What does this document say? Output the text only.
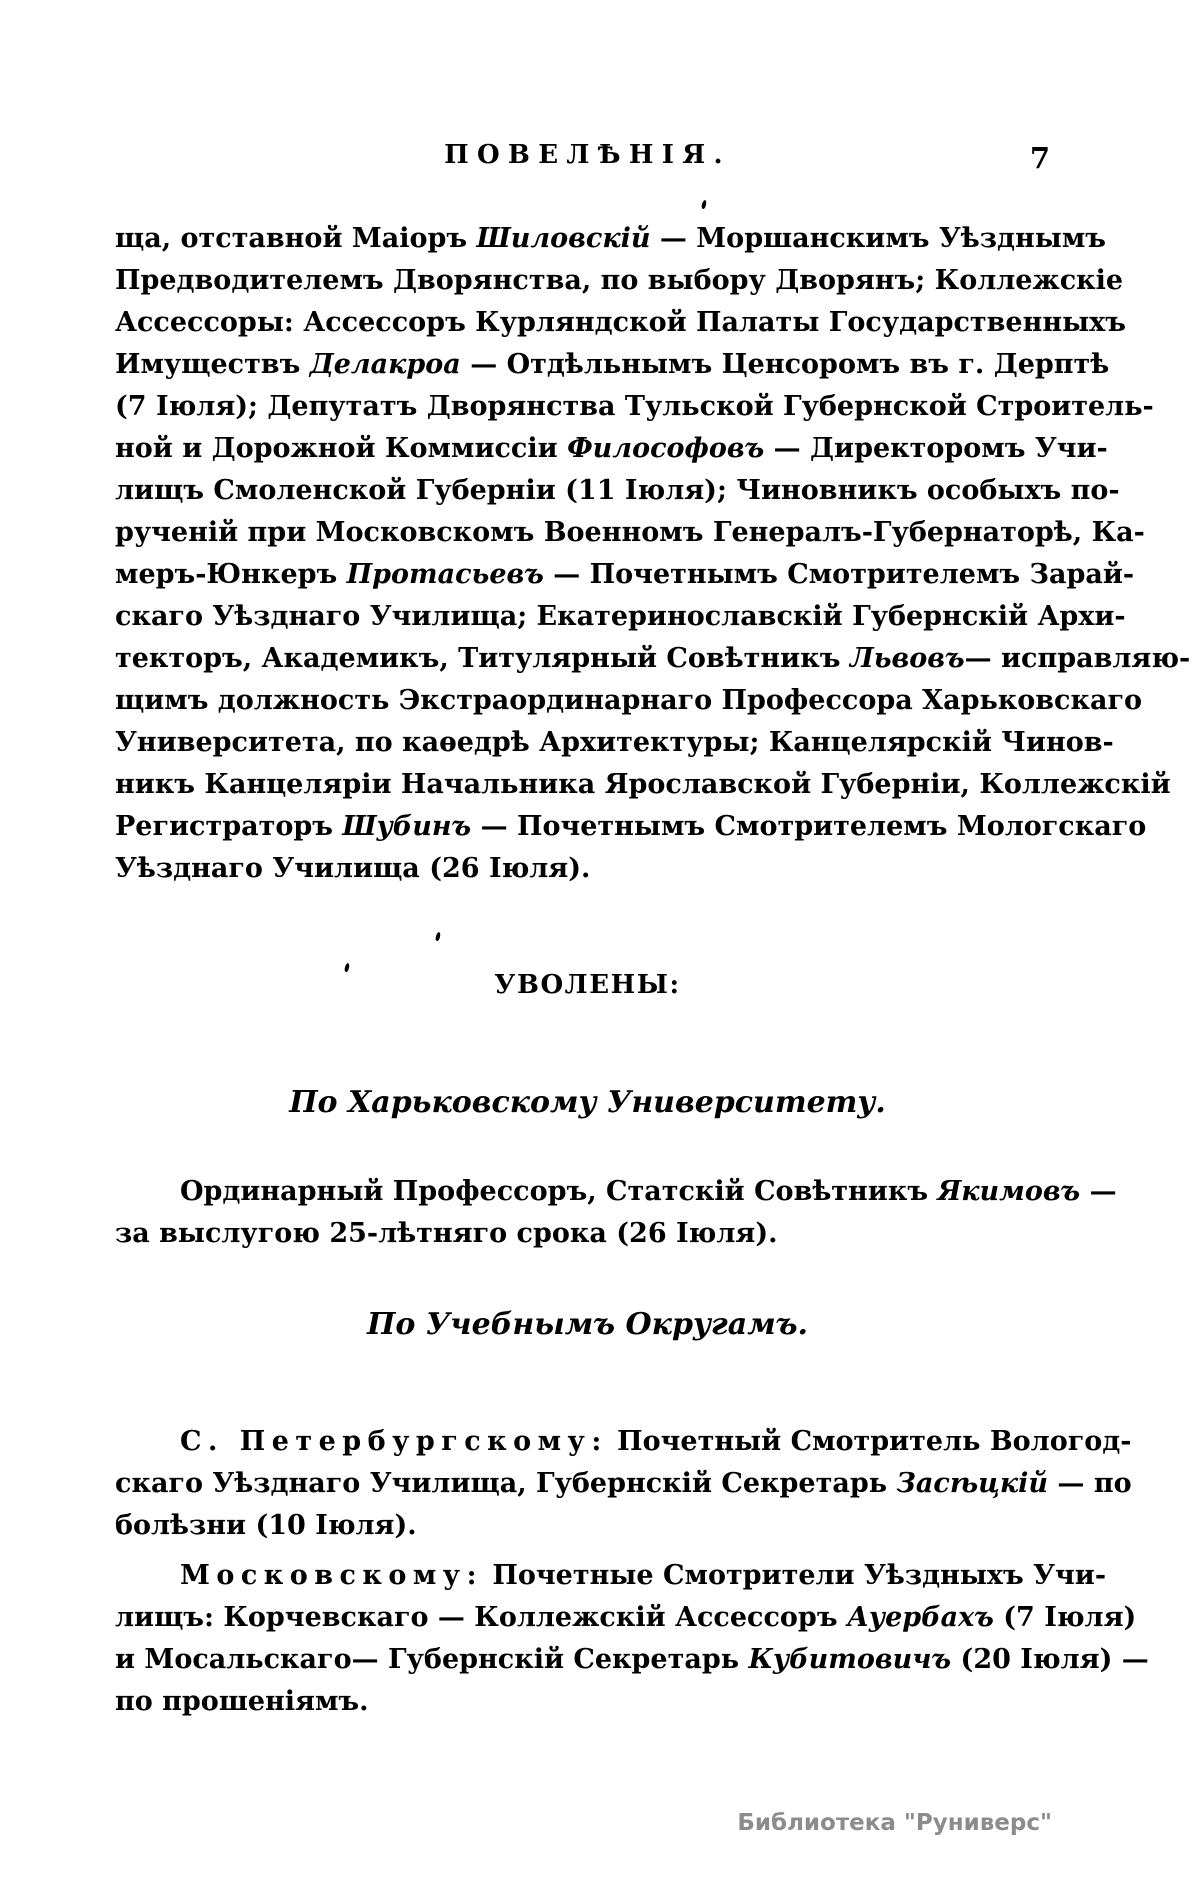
ПОВЕЛѢНІЯ.	7
ща, отставной Маіоръ Шиловскій — Моршанскимъ Уѣзднымъ
Предводителемъ Дворянства, по выбору Дворянъ; Коллежскіе
Ассессоры: Ассессоръ Курляндской Палаты Государственныхъ
Имуществъ Делакроа — Отдѣльнымъ Ценсоромъ въ г. Дерптѣ
(7 Іюля); Депутатъ Дворянства Тульской Губернской Строитель-
ной и Дорожной Коммиссіи Философовъ — Директоромъ Учи-
лищъ Смоленской Губерніи (11 Іюля); Чиновникъ особыхъ по-
рученій при Московскомъ Военномъ Генералъ-Губернаторѣ, Ка-
меръ-Юнкеръ Протасьевъ — Почетнымъ Смотрителемъ Зарай-
скаго Уѣзднаго Училища; Екатеринославскій Губернскій Архи-
текторъ, Академикъ, Титулярный Совѣтникъ Львовъ— исправляю-
щимъ должность Экстраординарнаго Профессора Харьковскаго
Университета, по каѳедрѣ Архитектуры; Канцелярскій Чинов-
никъ Канцеляріи Начальника Ярославской Губерніи, Коллежскій
Регистраторъ Шубинъ — Почетнымъ Смотрителемъ Мологскаго
Уѣзднаго Училища (26 Іюля).
УВОЛЕНЫ:
По Харьковскому Университету.
Ординарный Профессоръ, Статскій Совѣтникъ Якимовъ —
за выслугою 25-лѣтняго срока (26 Іюля).
По Учебнымъ Округамъ.
С. Петербургскому: Почетный Смотритель Вологод-
скаго Уѣзднаго Училища, Губернскій Секретарь Засѣцкій — по
болѣзни (10 Іюля).
Московскому: Почетные Смотрители Уѣздныхъ Учи-
лищъ: Корчевскаго — Коллежскій Ассессоръ Ауербахъ (7 Іюля)
и Мосальскаго— Губернскій Секретарь Кубитовичъ (20 Іюля) —
по прошеніямъ.
Библиотека "Руниверс"
